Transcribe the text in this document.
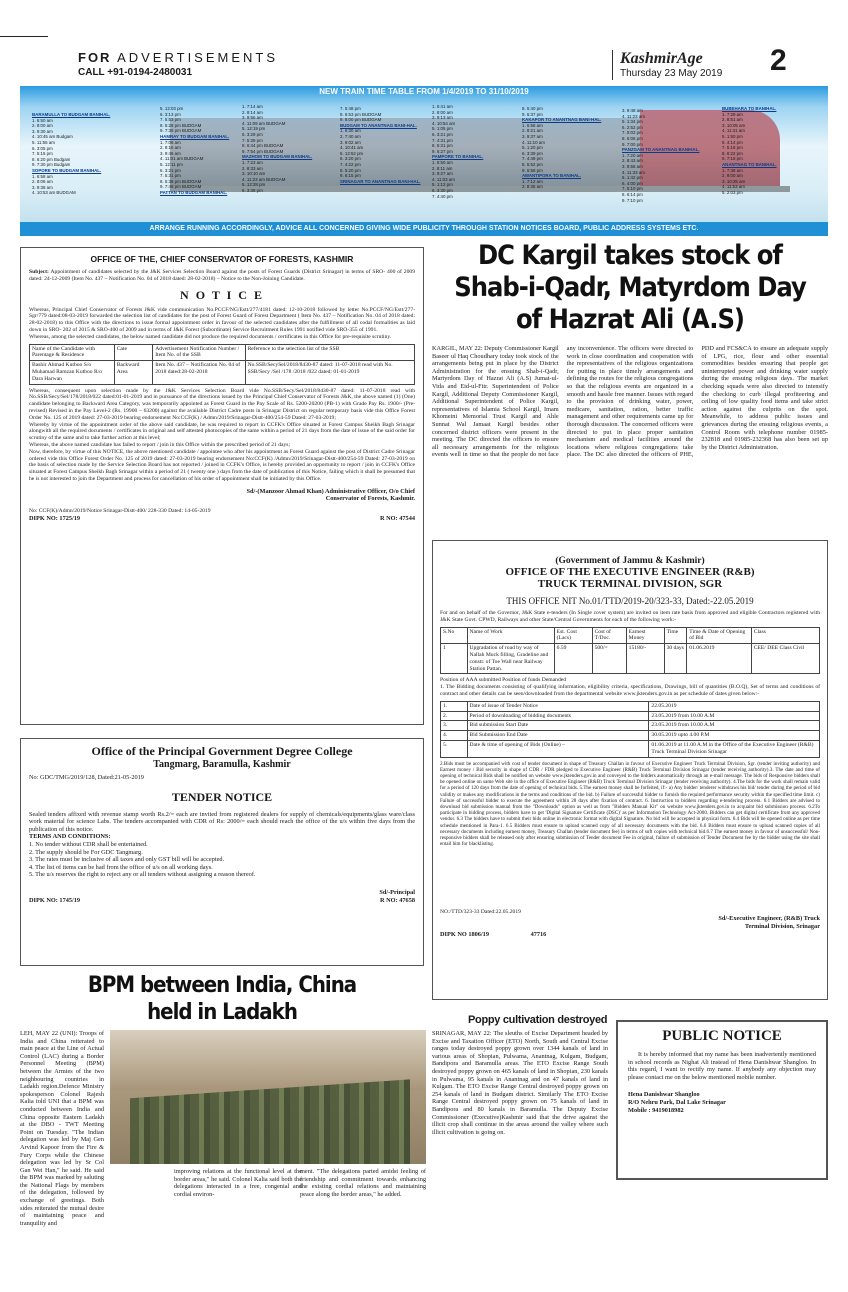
FOR ADVERTISEMENTS
CALL +91-0194-2480031
KashmirAge
Thursday 23 May 2019 2
NEW TRAIN TIME TABLE FROM 1/4/2019 TO 31/10/2019
BARAMULLA TO BUDGAM BANIHAL.
1. 6:50 am
2. 8:00 am
3. 9:30 am
4. 10:45 am Budgam
5. 11:55 am
6. 3:05 pm
7. 5:15 pm
8. 6:20 pm Budgam
9. 7:30 pm Budgam
SOPORE TO BUDGAM BANIHAL.
1. 6:58 am
2. 8:08 am
3. 9:38 am
4. 10:53 am BUDGAM
5. 12:03 pm
6. 3:13 pm
7. 5:53 pm
8. 6:28 pm BUDGAM
9. 7:38 pm BUDGAM
HAMRAY TO BUDGAM BANIHAL.
1. 7:06 am
2. 8:16 am
3. 9:46 am
4. 11:01 am BUDGAM
5. 12:11 pm
6. 3:21 pm
7. 5:31 pm
8. 6:36 pm BUDGAM
9. 7:46 pm BUDGAM
PATTAN TO BUDGAM BANIHAL.
1. 7:14 am
2. 8:14 am
3. 9:56 am
4. 11:09 am BUDGAM
5. 12:19 pm
6. 3:29 pm
7. 5:39 pm
8. 6:44 pm BUDGAM
9. 7:54 pm BUDGAM
MAZHOM TO BUDGAM BANIHAL.
1. 7:23 am
2. 8:33 am
3. 10:10 am
4. 11:23 am BUDGAM
5. 12:28 pm
6. 3:38 pm
7. 5:48 pm
8. 6:53 pm BUDGAM
9. 8:00 pm BUDGAM
BUDGAM TO ANANTNAG BANI-HAL.
1. 6:30 am
2. 7:40 am
3. 9:02 am
4. 10:41 am
5. 12:52 pm
6. 3:20 pm
7. 4:22 pm
8. 5:20 pm
9. 6:15 pm
SRINAGAR TO ANANTNAG BANI-HAL.
1. 6:41 am
2. 8:00 am
3. 9:13 am
4. 10:54 am
5. 1:05 pm
6. 3:21 pm
7. 4:31 pm
8. 5:31 pm
9. 6:27 pm
PAMPORE TO BANIHAL.
1. 6:50 am
2. 8:11 am
3. 9:27 am
4. 11:03 am
5. 1:12 pm
6. 3:30 pm
7. 4:40 pm
8. 5:40 pm
9. 6:37 pm
KAKAPOR TO ANANTNAG BANI-HAL.
1. 6:58 am
2. 8:21 am
3. 9:37 am
4. 11:10 am
5. 1:20 pm
6. 3:39 pm
7. 4:49 pm
8. 5:52 pm
9. 6:58 pm
AWANTIPORA TO BANIHAL.
1. 7:12 am
2. 8:35 am
3. 9:48 am
4. 11:23 am
5. 1:34 pm
6. 2:52 pm
7. 5:02 pm
8. 6:06 pm
9. 7:00 pm
PANZGAM TO ANANTNAG BANIHAL.
1. 7:20 am
2. 8:43 am
3. 9:56 am
4. 11:33 am
5. 1:42 pm
6. 4:00 pm
7. 5:10 pm
8. 6:14 pm
9. 7:10 pm
BUBEHARA TO BANIHAL.
1. 7:29 am
2. 8:51 am
3. 10:05 am
4. 11:41 am
5. 1:50 pm
6. 4:14 pm
7. 5:18 pm
8. 6:22 pm
9. 7:18 pm
ANANTNAG TO BANIHAL.
1. 7:38 am
2. 9:00 am
3. 10:35 am
4. 11:53 am
5. 2:03 pm
ARRANGE RUNNING ACCORDINGLY, ADVICE ALL CONCERNED GIVING WIDE PUBLICITY THROUGH STATION NOTICES BOARD, PUBLIC ADDRESS SYSTEMS ETC.
OFFICE OF THE, CHIEF CONSERVATOR OF FORESTS, KASHMIR
Subject: Appointment of candidates selected by the J&K Services Selection Board against the posts of Forest Guards (District Srinagar) in terms of SRO- 400 of 2009 dated: 24-12-2009 (Item No. 437 – Notification No. 04 of 2018 dated: 28-02-2018) – Notice to the Non-Joining Candidate.
N O T I C E
Whereas, Principal Chief Conservator of Forests J&K vide communication No.PCCF/NG/Estt/277/4181 dated: 12-10-2018 followed by letter No.PCCF/NG/Estt/277-Sgr/779 dated:08-03-2019 forwarded the selection list of candidates for the post of Forest Guard of Forest Department ( Item No. 437 – Notification No. 04 of 2018 dated: 28-02-2018) to this Office with the directions to issue formal appointment order in favour of the selected candidates after the fulfillment of all codal formalities as laid down in SRO- 202 of 2015 & SRO-400 of 2009 and in terms of J&K Forest (Subordinate) Service Recruitment Rules 1991 notified vide SRO-355 of 1991.
Whereas, among the selected candidates, the below named candidate did not produce the required documents / certificates in this Office for pre-requisite scrutiny.
Name of the Candidate with Parentage & Residence	Cate	Advertisement Notification Number / Item No. of the SSB	Reference to the selection list of the SSB
Bashir Ahmad Kutboo S/o Muhamad Ramzan Kutboo R/o Dara Harwan	Backward Area	Item No. 437 – Notification No. 04 of 2018 dated:28-02-2018	No.SSB/SecySel/2018/8430-87 dated: 11-07-2018 read with No. SSB/Secy /Sel /178 /2018 /022 dated: 01-01-2019
Whereas, consequent upon selection made by the J&K Services Selection Board vide No.SSB/Secy/Sel/2018/8430-87 dated: 11-07-2018 read with No.SSB/Secy/Sel/178/2018/022 dated:01-01-2019 and in pursuance of the directions issued by the Principal Chief Conservator of Forests J&K, the above named (1) (One) candidate belonging to Backward Area Category, was temporarily appointed as Forest Guard in the Pay Scale of Rs. 5200-20200 (PB-1) with Grade Pay Rs. 1900/- (Pre-revised) Revised in the Pay Level-2 (Rs. 19900 – 63200) against the available District Cadre posts in Srinagar District on regular temporary basis vide this Office Forest Order No. 125 of 2019 dated: 27-03-2019 bearing endorsement No:CCF(K) / Admn/2019/Srinagar-Distt-400/254-59 Dated: 27-03-2019;
Whereby by virtue of the appointment order of the above said candidate, he was required to report in CCFK's Office situated at Forest Campus Sheikh Bagh Srinagar alongwith all the required documents / certificates in original and self attested photocopies of the same within a period of 21 days from the date of issue of the said order for scrutiny of the same and to take further action at this level;
Whereas, the above named candidate has failed to report / join in this Office within the prescribed period of 21 days;
Now, therefore, by virtue of this NOTICE, the above mentioned candidate / appointee who after his appointment as Forest Guard against the post of District Cadre Srinagar ordered vide this Office Forest Order No. 125 of 2019 dated: 27-03-2019 bearing endorsement No:CCF(K) /Admn/2019/Srinagar-Distt-400/254-59 Dated: 27-03-2019 on the basis of selection made by the Service Selection Board has not reported / joined in CCFK's Office, is hereby provided an opportunity to report / join in CCFK's Office situated at Forest Campus Sheikh Bagh Srinagar within a period of 21 ( twenty one ) days from the date of publication of this Notice, failing which it shall be presumed that he is not interested to join the Department and process for cancellation of his order of appointment shall be initiated by this Office.
Sd/-(Manzoor Ahmad Khan) Administrative Officer, O/o Chief
Conservator of Forests, Kashmir.
No: CCF(K)/Admn/2019/Notice Srinagar-Distt-400/ 228-330 Dated: 14-05-2019
DIPK NO: 1725/19	R NO: 47544
Office of the Principal Government Degree College
Tangmarg, Baramulla, Kashmir
No: GDC/TMG/2019/128, Dated:21-05-2019
TENDER NOTICE
Sealed tenders affixed with revenue stamp worth Rs.2/= each are invited from registered dealers for supply of chemicals/equipments/glass ware/class work material for science Labs. The tenders accompanied with CDR of Rs: 2000/= each should reach the office of the u/s within five days from the publication of this notice.
TERMS AND CONDITIONS:
1. No tender without CDR shall be entertained.
2. The supply should be For GDC Tangmarg.
3. The rates must be inclusive of all taxes and only GST bill will be accepted.
4. The list of items can be had from the office of u/s on all working days.
5. The u/s reserves the right to reject any or all tenders without assigning a reason thereof.
Sd/-Principal
DIPK NO: 1745/19	R NO: 47658
BPM between India, China
held in Ladakh
LEH, MAY 22 (UNI): Troops of India and China reiterated to main peace at the Line of Actual Control (LAC) during a Border Personnel Meeting (BPM) between the Armies of the two neighbouring countries in Ladakh region.Defence Ministry spokesperson Colonel Rajesh Kalia told UNI that a BPM was conducted between India and China opposite Eastern Ladakh at the DBO - TWT Meeting Point on Tuesday. "The Indian delegation was led by Maj Gen Arvind Kapoor from the Fire & Fury Corps while the Chinese delegation was led by Sr Col Gan Wei Han," he said. He said the BPM was marked by saluting the National Flags by members of the delegation, followed by exchange of greetings. Both sides reiterated the mutual desire of maintaining peace and tranquility and
improving relations at the functional level at the border areas," he said. Colonel Kalia said both the delegations interacted in a free, congenial and cordial environ-
ment. "The delegations parted amidst feeling of friendship and commitment towards enhancing the existing cordial relations and maintaining peace along the border areas," he added.
DC Kargil takes stock of
Shab-i-Qadr, Matyrdom Day
of Hazrat Ali (A.S)
KARGIL, MAY 22: Deputy Commissioner Kargil Baseer ul Haq Choudhary today took stock of the arrangements being put in place by the District Administration for the ensuing Shab-i-Qadr, Martyrdom Day of Hazrat Ali (A.S) Jumat-ul-Vida and Eid-ul-Fitr. Superintendent of Police Kargil, Additional Deputy Commissioner Kargil, Additional Superintendent of Police Kargil, representatives of Islamia School Kargil, Imam Khomeini Memorial Trust Kargil and Ahle Sunnat Wal Jamaat Kargil besides other concerned district officers were present in the meeting. The DC directed the officers to ensure all necessary arrangements for the religious events well in time so that the people do not face any inconvenience. The officers were directed to work in close coordination and cooperation with the representatives of the religious organizations for putting in place timely arrangements and defining the routes for the religious congregations so that the religious events are organized in a smooth and hassle free manner. Issues with regard to the provision of drinking water, power, medicare, sanitation, ration, better traffic management and other requirements came up for thorough discussion. The concerned officers were directed to put in place proper sanitation mechanism and medical facilities around the locations where religious congregations take place. The DC also directed the officers of PHE, PDD and FCS&CA to ensure an adequate supply of LPG, rice, flour and other essential commodities besides ensuring that people get uninterrupted power and drinking water supply during the ensuing religious days. The market checking squads were also directed to intensify the checking to curb illegal profiteering and ceiling of low quality food items and take strict action against the culprits on the spot. Meanwhile, to address public issues and grievances during the ensuing religious events, a Control Room with telephone number 01985-232818 and 01985-232368 has also been set up by the District Administration.
(Government of Jammu & Kashmir)
OFFICE OF THE EXECUTIVE ENGINEER (R&B)
TRUCK TERMINAL DIVISION, SGR
THIS OFFICE NIT No.01/TTD/2019-20/323-33, Dated:-22.05.2019
For and on behalf of the Governor, J&K State e-tenders (In Single cover system) are invited on item rate basis from approved and eligible Contractors registered with J&K State Govt. CPWD, Railways and other State/Central Governments for each of the following work:-
S.No	Name of Work	Est. Cost (Lacs)	Cost of T/Doc.	Earnest Money	Time	Time & Date of Opening of Bid	Class
1	Upgradation of road by way of Nallah Muck filling, Gradeline and constr. of Toe Wall near Railway Station Pattan.	6.59	500/=	15180/-	30 days	01.06.2019	CEE/ DEE Class Civil
Position of AAA submitted Position of funds Demanded
1. The Bidding documents consisting of qualifying information, eligibility criteria, specifications, Drawings, bill of quantities (B.O.Q), Set of terms and conditions of contract and other details can be seen/downloaded from the departmental website www.jktenders.gov.in as per schedule of dates given below:-
1.	Date of issue of Tender Notice	22.05.2019
2.	Period of downloading of bidding documents	23.05.2019 from 10.00 A.M
3.	Bid submission Start Date	23.05.2019 from 10.00 A.M
4.	Bid Submission End Date	30.05.2019 upto 4.00 P.M
5.	Date & time of opening of Bids (Online) –	01.06.2019 at 11.00 A.M in the Office of the Executive Engineer (R&B) Truck Terminal Division Srinagar
2.Bids must be accompanied with cost of tender document in shape of Treasury Challan in favour of Executive Engineer Truck Terminal Division, Sgr. (tender inviting authority) and Earnest money / Bid security in shape of CDR / FDR pledged to Executive Engineer (R&B) Truck Terminal Division Srinagar (tender receiving authority).3. The date and time of opening of technical Bids shall be notified on website www.jktenders.gov.in and conveyed to the bidders automatically through an e-mail message. The bids of Responsive bidders shall be opened online on same Web site in the office of Executive Engineer (R&B) Truck Terminal Division Srinagar (tender receiving authority). 4.The bids for the work shall remain valid for a period of 120 days from the date of opening of technical bids. 5.The earnest money shall be forfeited, if:- a) Any bidder/ tenderer withdraws his bid/ tender during the period of bid validity or makes any modifications in the terms and conditions of the bid. b) Failure of successful bidder to furnish the required performance security within the specified time limit. c) Failure of successful bidder to execute the agreement within 28 days after fixation of contract. 6. Instruction to bidders regarding e-tendering process. 6.1 Bidders are advised to download bid submission manual from the "Downloads" option as well as from "Bidders Manual Kit" on website www.jktenders.gov.in to acquaint bid submission process. 6.2To participate in bidding process, bidders have to get 'Digital Signature Certificate (DSC)' as per Information Technology Act-2000. Bidders can get digital certificate from any approved vendor. 6.3 The bidders have to submit their bids online in electronic format with digital Signature. No bid will be accepted in physical form. 6.4 Bids will be opened online as per time schedule mentioned in Para-1. 6.5 Bidders must ensure to upload scanned copy of all necessary documents with the bid. 6.6 Bidders must ensure to upload scanned copies of all necessary documents including earnest money, Treasury Challan (tender document fee) in terms of soft copies with technical bid.6.7 The earnest money in favour of unsuccessful/ Non-responsive bidders shall be released only after ensuring submission of Tender document Fee in original, failure of submission of Tender Document fee by the bidder using the site shall entail him for blacklisting.
NO:/TTD/323-33 Dated:22.05.2019
Sd/-Executive Engineer, (R&B) Truck
Terminal Division, Srinagar
DIPK NO 1806/19	47716
Poppy cultivation destroyed
SRINAGAR, MAY 22: The sleuths of Excise Department headed by Excise and Taxation Officer (ETO) North, South and Central Excise ranges today destroyed poppy grown over 1344 kanals of land in various areas of Shopian, Pulwama, Anantnag, Kulgam, Budgam, Bandipora and Baramulla areas. The ETO Excise Range South destroyed poppy grown on 465 kanals of land in Shopian, 230 kanals in Pulwama, 95 kanals in Anantnag and on 47 kanals of land in Kulgam. The ETO Excise Range Central destroyed poppy grown on 254 kanals of land in Budgam district. Similarly The ETO Excise Range Central destroyed poppy grown on 75 kanals of land in Bandipora and 80 kanals in Baramulla. The Deputy Excise Commissioner (Executive)Kashmir said that the drive against the illicit crop shall continue in the areas around the valley where such illicit cultivation is going on.
PUBLIC NOTICE
It is hereby informed that my name has been inadvertently mentioned in school records as Nighat Ali instead of Hena Danishwar Shangloo. In this regard, I want to rectify my name. If anybody any objection may please contact me on the below mentioned mobile number.
Hena Danishwar Shangloo
R/O Nehru Park, Dal Lake Srinagar
Mobile : 9419018982
